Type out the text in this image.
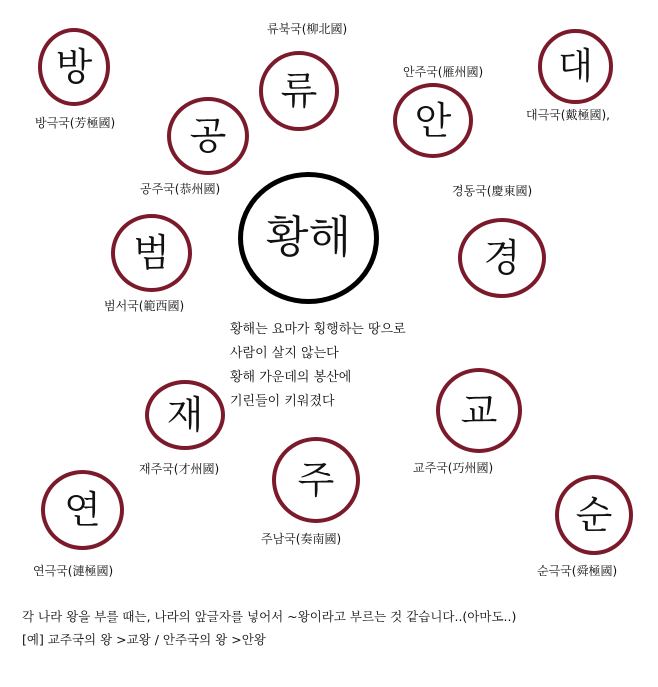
황해
류
안
방	대
공
경
범
재	교
주
연	순
류북국(柳北國)
안주국(雁州國)
방극국(芳極國)
대극국(戴極國),
공주국(恭州國)	경동국(慶東國)
범서국(範西國)
재주국(才州國)	교주국(巧州國)
주남국(奏南國)
연극국(漣極國)	순극국(舜極國)
황해는 요마가 횡행하는 땅으로
사람이 살지 않는다
황해 가운데의 봉산에
기린들이 키워졌다
각 나라 왕을 부를 때는, 나라의 앞글자를 넣어서 ~왕이라고 부르는 것 같습니다..(아마도..)
[예] 교주국의 왕 >교왕 / 안주국의 왕 >안왕
